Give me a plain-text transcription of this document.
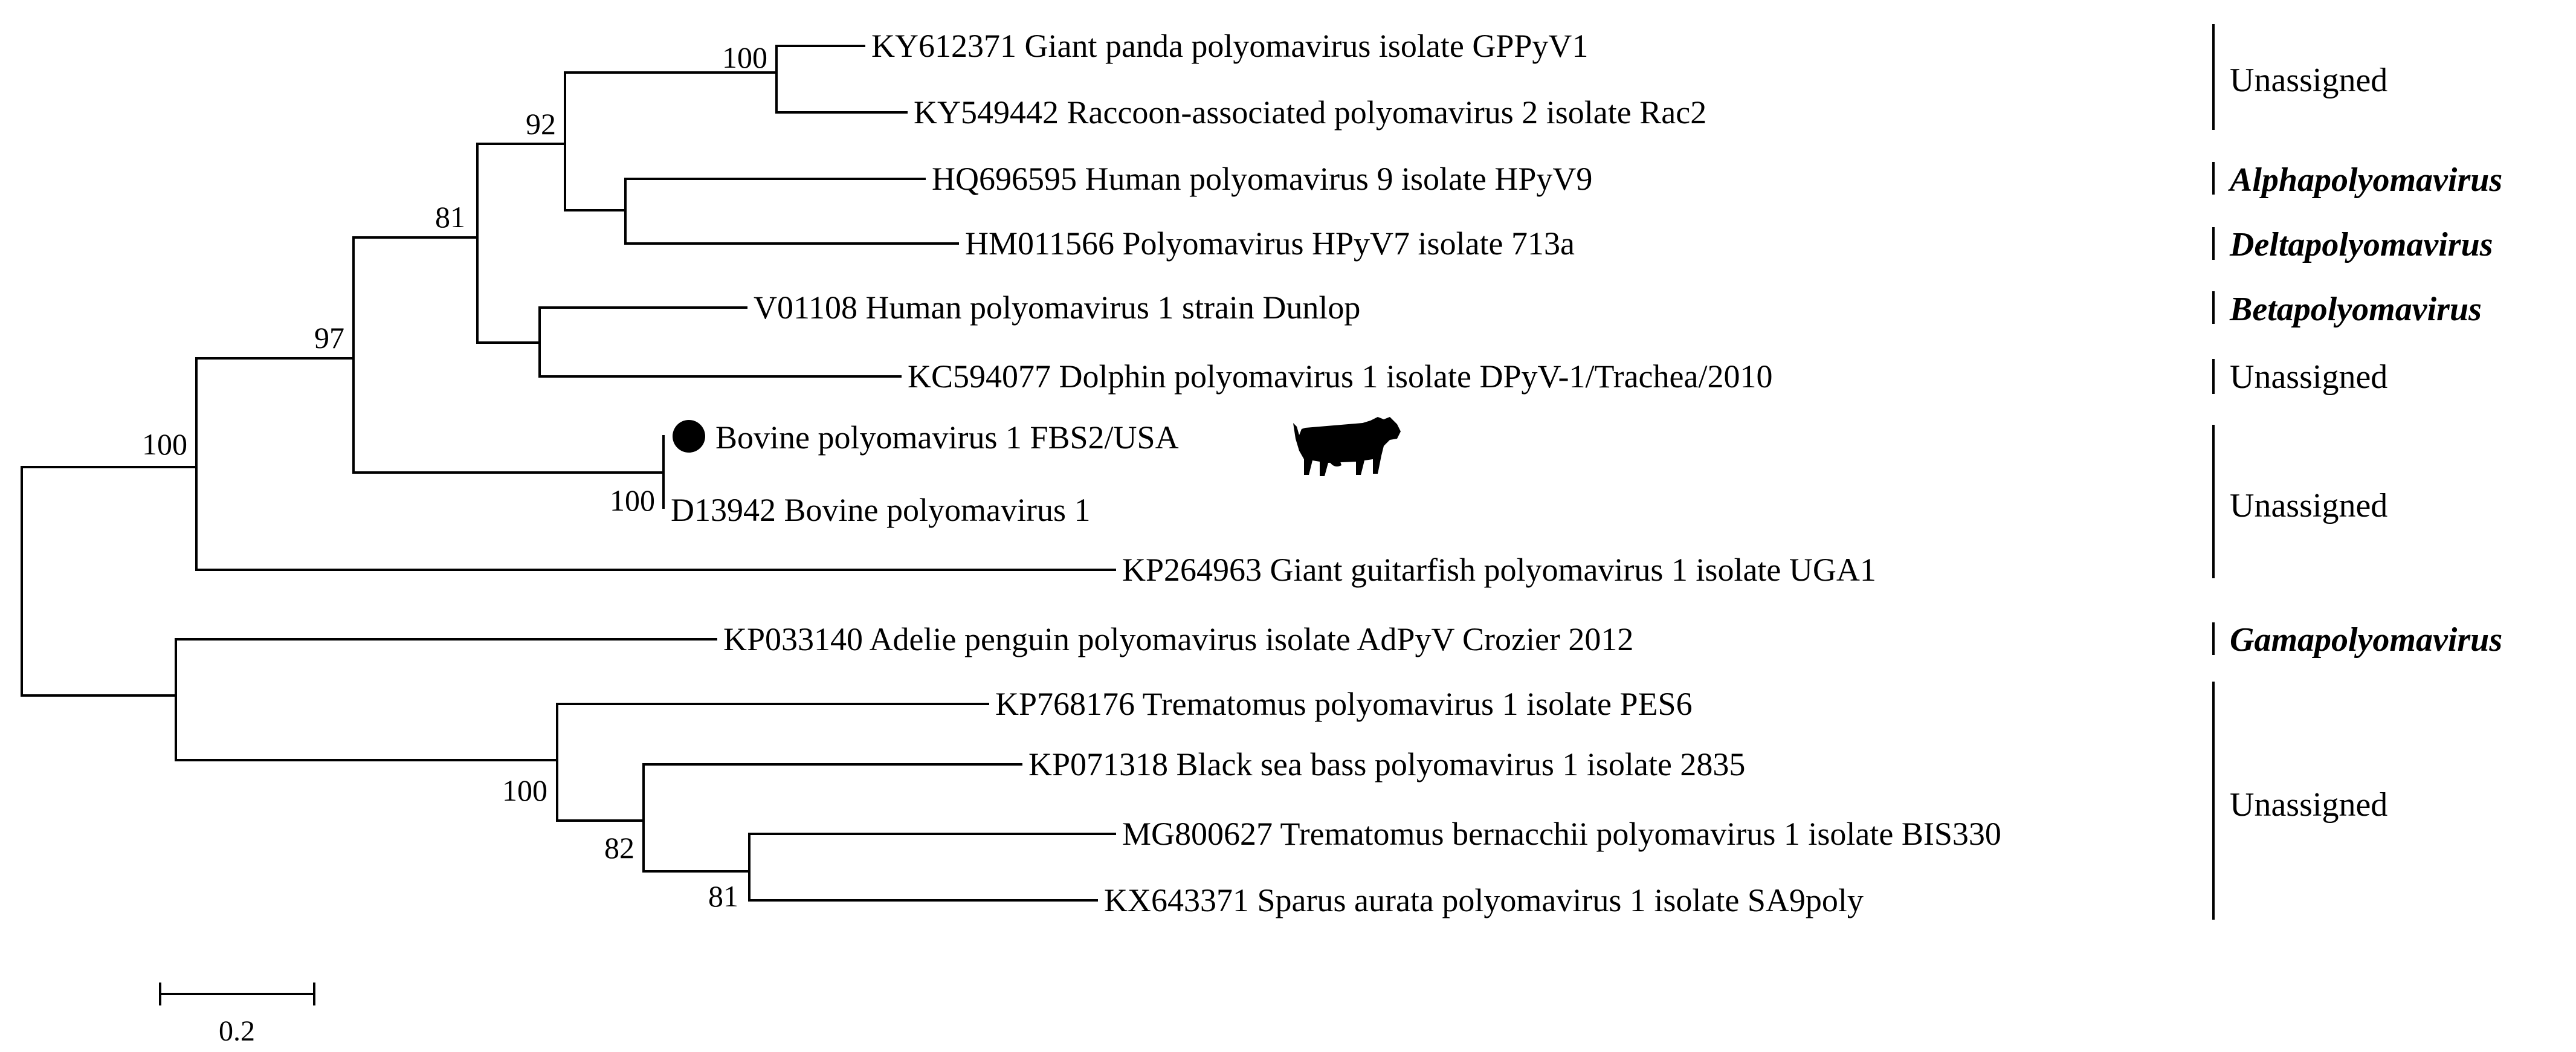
100
97
81
92
100
100
100
82
81
KY612371 Giant panda polyomavirus isolate GPPyV1
KY549442 Raccoon-associated polyomavirus 2 isolate Rac2
HQ696595 Human polyomavirus 9 isolate HPyV9
HM011566 Polyomavirus HPyV7 isolate 713a
V01108 Human polyomavirus 1 strain Dunlop
KC594077 Dolphin polyomavirus 1 isolate DPyV-1/Trachea/2010
Bovine polyomavirus 1 FBS2/USA
D13942 Bovine polyomavirus 1
KP264963 Giant guitarfish polyomavirus 1 isolate UGA1
KP033140 Adelie penguin polyomavirus isolate AdPyV Crozier 2012
KP768176 Trematomus polyomavirus 1 isolate PES6
KP071318 Black sea bass polyomavirus 1 isolate 2835
MG800627 Trematomus bernacchii polyomavirus 1 isolate BIS330
KX643371 Sparus aurata polyomavirus 1 isolate SA9poly
Unassigned
Alphapolyomavirus
Deltapolyomavirus
Betapolyomavirus
Unassigned
Unassigned
Gamapolyomavirus
Unassigned
0.2
